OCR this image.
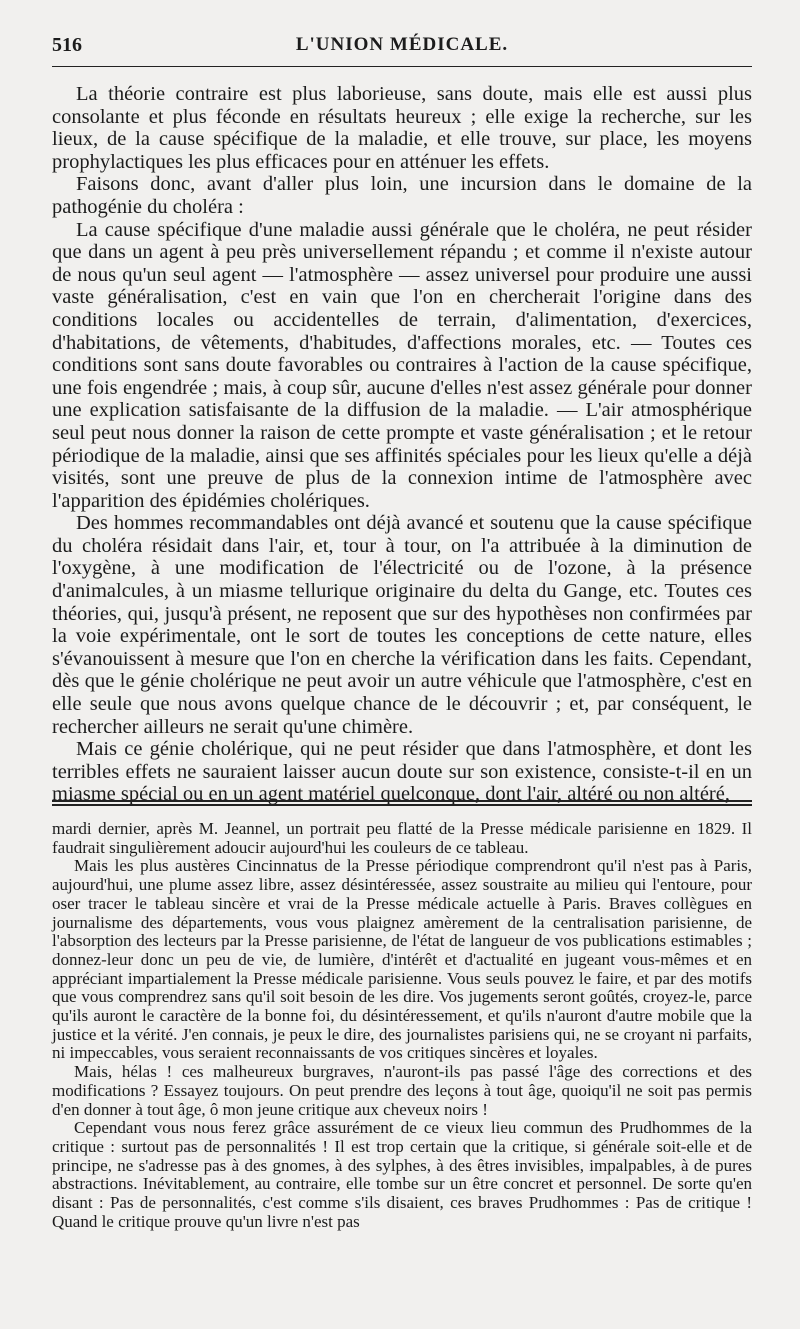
516	L'UNION MÉDICALE.

La théorie contraire est plus laborieuse, sans doute, mais elle est aussi plus consolante et plus féconde en résultats heureux ; elle exige la recherche, sur les lieux, de la cause spécifique de la maladie, et elle trouve, sur place, les moyens prophylactiques les plus efficaces pour en atténuer les effets.

Faisons donc, avant d'aller plus loin, une incursion dans le domaine de la pathogénie du choléra :

La cause spécifique d'une maladie aussi générale que le choléra, ne peut résider que dans un agent à peu près universellement répandu ; et comme il n'existe autour de nous qu'un seul agent — l'atmosphère — assez universel pour produire une aussi vaste généralisation, c'est en vain que l'on en chercherait l'origine dans des conditions locales ou accidentelles de terrain, d'alimentation, d'exercices, d'habitations, de vêtements, d'habitudes, d'affections morales, etc. — Toutes ces conditions sont sans doute favorables ou contraires à l'action de la cause spécifique, une fois engendrée ; mais, à coup sûr, aucune d'elles n'est assez générale pour donner une explication satisfaisante de la diffusion de la maladie. — L'air atmosphérique seul peut nous donner la raison de cette prompte et vaste généralisation ; et le retour périodique de la maladie, ainsi que ses affinités spéciales pour les lieux qu'elle a déjà visités, sont une preuve de plus de la connexion intime de l'atmosphère avec l'apparition des épidémies cholériques.

Des hommes recommandables ont déjà avancé et soutenu que la cause spécifique du choléra résidait dans l'air, et, tour à tour, on l'a attribuée à la diminution de l'oxygène, à une modification de l'électricité ou de l'ozone, à la présence d'animalcules, à un miasme tellurique originaire du delta du Gange, etc. Toutes ces théories, qui, jusqu'à présent, ne reposent que sur des hypothèses non confirmées par la voie expérimentale, ont le sort de toutes les conceptions de cette nature, elles s'évanouissent à mesure que l'on en cherche la vérification dans les faits. Cependant, dès que le génie cholérique ne peut avoir un autre véhicule que l'atmosphère, c'est en elle seule que nous avons quelque chance de le découvrir ; et, par conséquent, le rechercher ailleurs ne serait qu'une chimère.

Mais ce génie cholérique, qui ne peut résider que dans l'atmosphère, et dont les terribles effets ne sauraient laisser aucun doute sur son existence, consiste-t-il en un miasme spécial ou en un agent matériel quelconque, dont l'air, altéré ou non altéré,

mardi dernier, après M. Jeannel, un portrait peu flatté de la Presse médicale parisienne en 1829. Il faudrait singulièrement adoucir aujourd'hui les couleurs de ce tableau.

Mais les plus austères Cincinnatus de la Presse périodique comprendront qu'il n'est pas à Paris, aujourd'hui, une plume assez libre, assez désintéressée, assez soustraite au milieu qui l'entoure, pour oser tracer le tableau sincère et vrai de la Presse médicale actuelle à Paris. Braves collègues en journalisme des départements, vous vous plaignez amèrement de la centralisation parisienne, de l'absorption des lecteurs par la Presse parisienne, de l'état de langueur de vos publications estimables ; donnez-leur donc un peu de vie, de lumière, d'intérêt et d'actualité en jugeant vous-mêmes et en appréciant impartialement la Presse médicale parisienne. Vous seuls pouvez le faire, et par des motifs que vous comprendrez sans qu'il soit besoin de les dire. Vos jugements seront goûtés, croyez-le, parce qu'ils auront le caractère de la bonne foi, du désintéressement, et qu'ils n'auront d'autre mobile que la justice et la vérité. J'en connais, je peux le dire, des journalistes parisiens qui, ne se croyant ni parfaits, ni impeccables, vous seraient reconnaissants de vos critiques sincères et loyales.

Mais, hélas ! ces malheureux burgraves, n'auront-ils pas passé l'âge des corrections et des modifications ? Essayez toujours. On peut prendre des leçons à tout âge, quoiqu'il ne soit pas permis d'en donner à tout âge, ô mon jeune critique aux cheveux noirs !

Cependant vous nous ferez grâce assurément de ce vieux lieu commun des Prudhommes de la critique : surtout pas de personnalités ! Il est trop certain que la critique, si générale soit-elle et de principe, ne s'adresse pas à des gnomes, à des sylphes, à des êtres invisibles, impalpables, à de pures abstractions. Inévitablement, au contraire, elle tombe sur un être concret et personnel. De sorte qu'en disant : Pas de personnalités, c'est comme s'ils disaient, ces braves Prudhommes : Pas de critique ! Quand le critique prouve qu'un livre n'est pas
